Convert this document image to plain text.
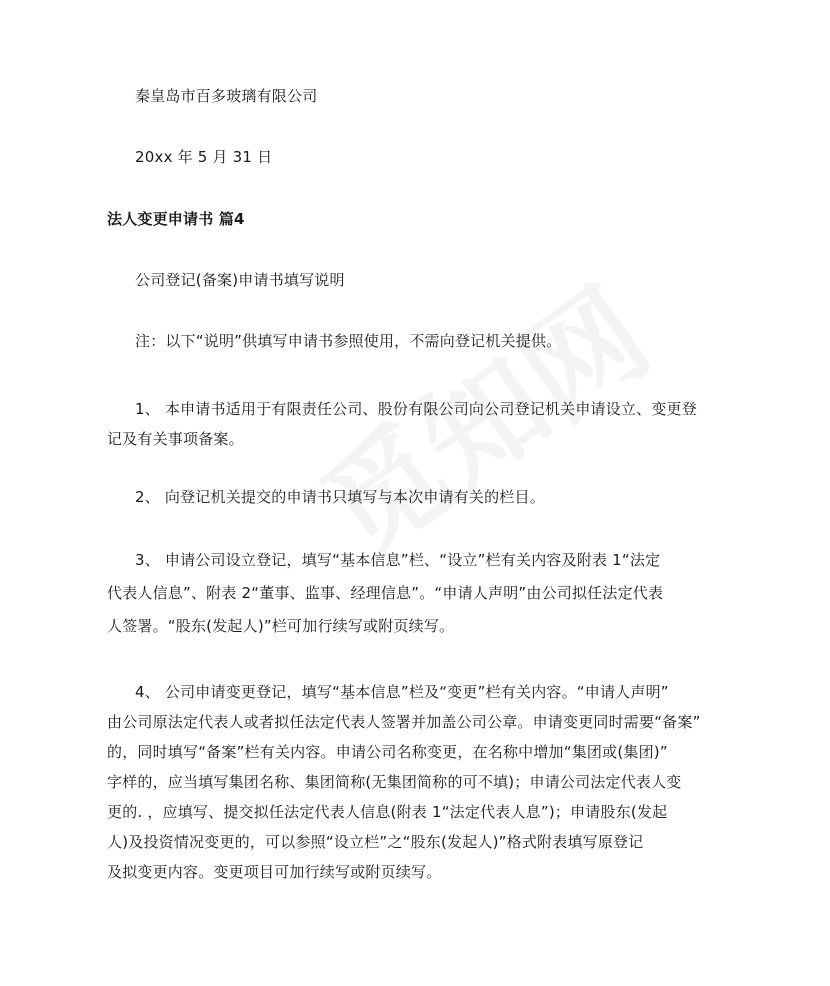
秦皇岛市百多玻璃有限公司
20xx 年 5 月 31 日
法人变更申请书 篇4
公司登记(备案)申请书填写说明
注：以下“说明”供填写申请书参照使用，不需向登记机关提供。
1、 本申请书适用于有限责任公司、股份有限公司向公司登记机关申请设立、变更登
记及有关事项备案。
2、 向登记机关提交的申请书只填写与本次申请有关的栏目。
3、 申请公司设立登记，填写“基本信息”栏、“设立”栏有关内容及附表 1“法定
代表人信息”、附表 2“董事、监事、经理信息”。“申请人声明”由公司拟任法定代表
人签署。“股东(发起人)”栏可加行续写或附页续写。
4、 公司申请变更登记，填写“基本信息”栏及“变更”栏有关内容。“申请人声明”
由公司原法定代表人或者拟任法定代表人签署并加盖公司公章。申请变更同时需要“备案”
的，同时填写“备案”栏有关内容。申请公司名称变更，在名称中增加“集团或(集团)”
字样的，应当填写集团名称、集团简称(无集团简称的可不填)；申请公司法定代表人变
更的. ，应填写、提交拟任法定代表人信息(附表 1“法定代表人息”)；申请股东(发起
人)及投资情况变更的，可以参照“设立栏”之“股东(发起人)”格式附表填写原登记
及拟变更内容。变更项目可加行续写或附页续写。
